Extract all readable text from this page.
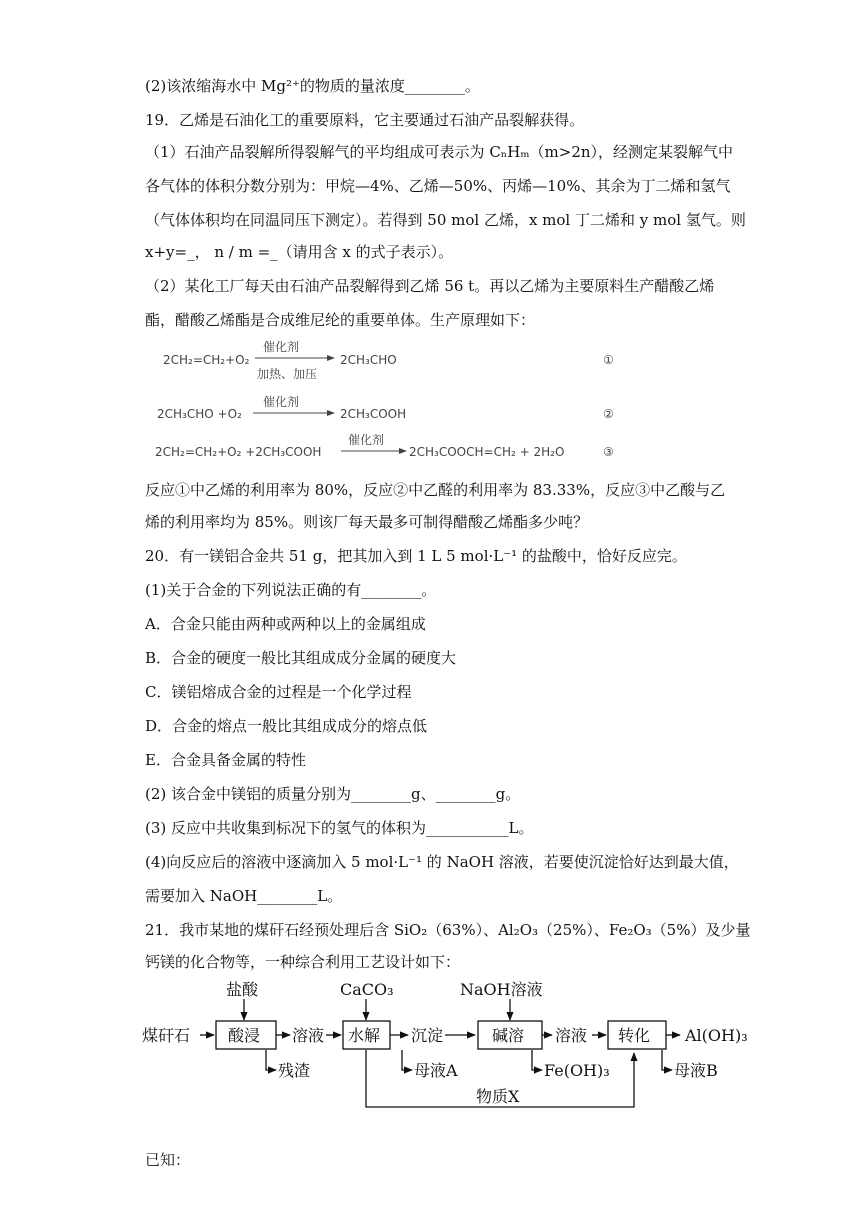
(2)该浓缩海水中 Mg²⁺的物质的量浓度________。
19．乙烯是石油化工的重要原料，它主要通过石油产品裂解获得。
（1）石油产品裂解所得裂解气的平均组成可表示为 CₙHₘ（m>2n），经测定某裂解气中
各气体的体积分数分别为：甲烷—4%、乙烯—50%、丙烯—10%、其余为丁二烯和氢气
（气体体积均在同温同压下测定）。若得到 50 mol 乙烯，x mol 丁二烯和 y mol 氢气。则
x+y=_， n / m =_（请用含 x 的式子表示）。
（2）某化工厂每天由石油产品裂解得到乙烯 56 t。再以乙烯为主要原料生产醋酸乙烯
酯，醋酸乙烯酯是合成维尼纶的重要单体。生产原理如下：
2CH₂=CH₂+O₂
催化剂
加热、加压
2CH₃CHO	①
2CH₃CHO +O₂
催化剂
2CH₃COOH	②
2CH₂=CH₂+O₂ +2CH₃COOH
催化剂
2CH₃COOCH=CH₂ + 2H₂O	③
反应①中乙烯的利用率为 80%，反应②中乙醛的利用率为 83.33%，反应③中乙酸与乙
烯的利用率均为 85%。则该厂每天最多可制得醋酸乙烯酯多少吨？
20．有一镁铝合金共 51 g，把其加入到 1 L 5 mol·L⁻¹ 的盐酸中，恰好反应完。
(1)关于合金的下列说法正确的有________。
A．合金只能由两种或两种以上的金属组成
B．合金的硬度一般比其组成成分金属的硬度大
C．镁铝熔成合金的过程是一个化学过程
D．合金的熔点一般比其组成成分的熔点低
E．合金具备金属的特性
(2) 该合金中镁铝的质量分别为________g、________g。
(3) 反应中共收集到标况下的氢气的体积为___________L。
(4)向反应后的溶液中逐滴加入 5 mol·L⁻¹ 的 NaOH 溶液，若要使沉淀恰好达到最大值，
需要加入 NaOH________L。
21．我市某地的煤矸石经预处理后含 SiO₂（63%）、Al₂O₃（25%）、Fe₂O₃（5%）及少量
钙镁的化合物等，一种综合利用工艺设计如下：
盐酸	CaCO₃	NaOH溶液
煤矸石 酸浸 溶液 水解 沉淀	碱溶 溶液 转化 Al(OH)₃
残渣	母液A	Fe(OH)₃	母液B
物质X
已知：
